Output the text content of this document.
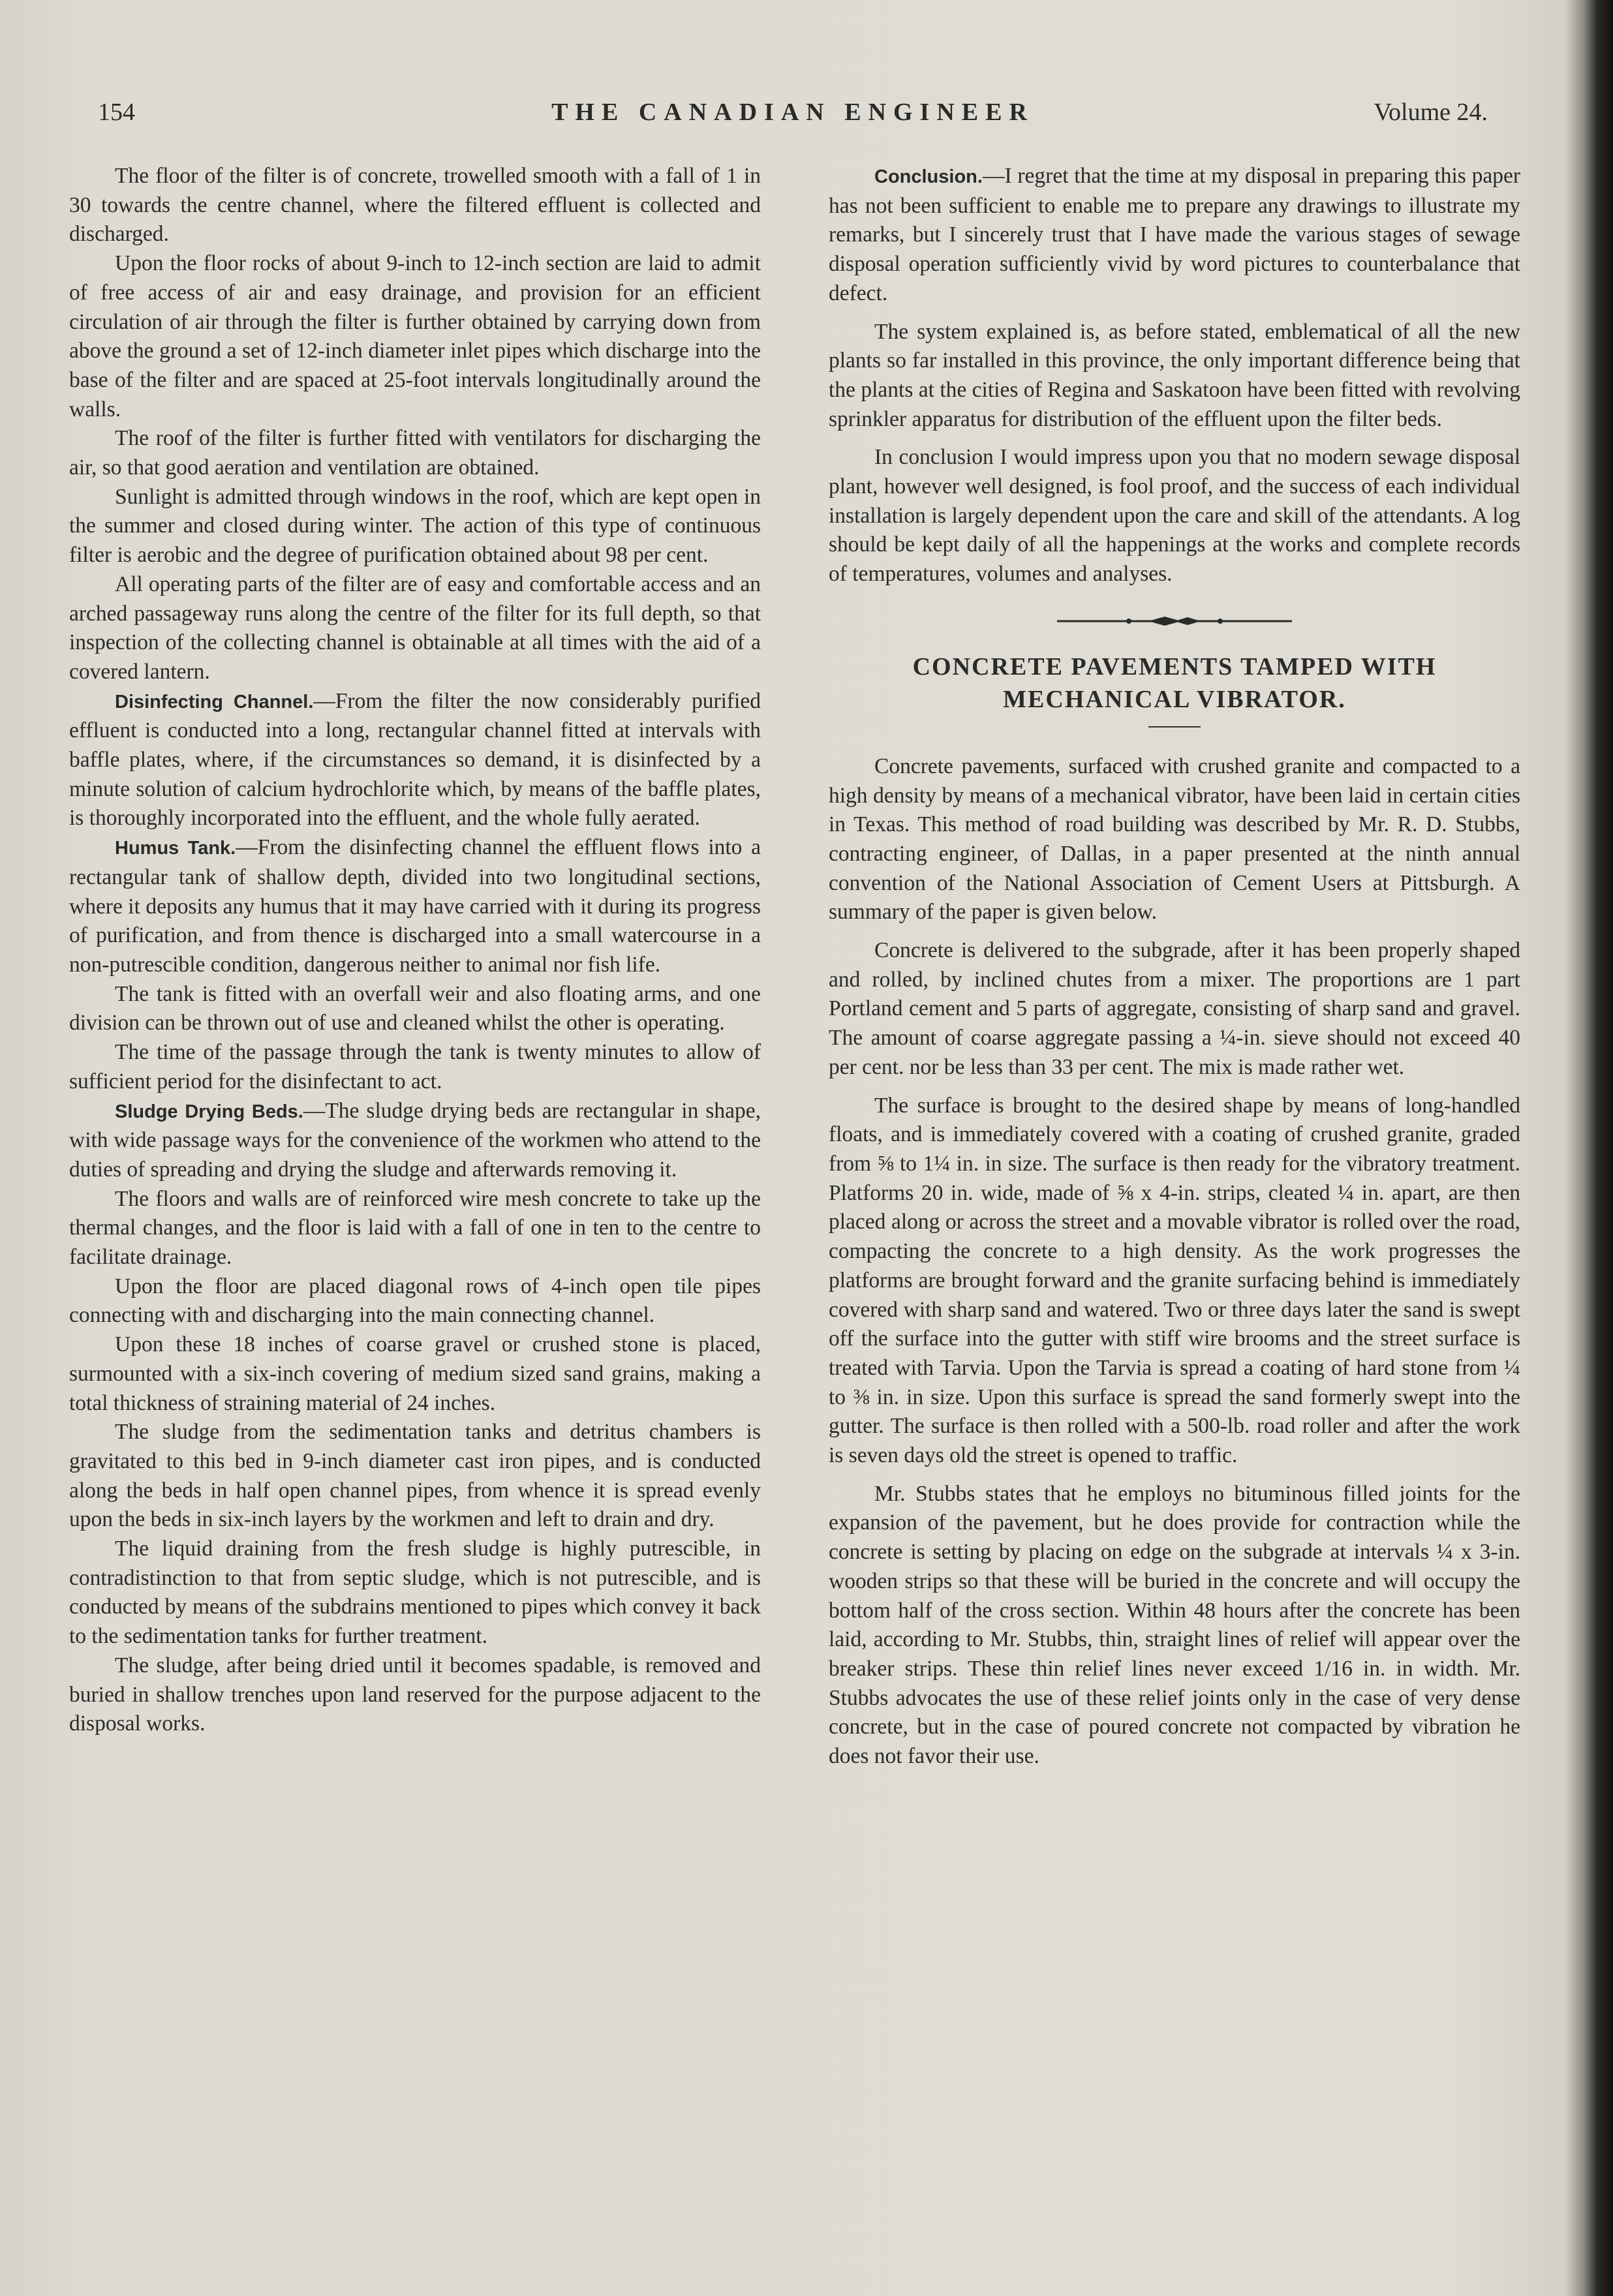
154	THE CANADIAN ENGINEER	Volume 24.

The floor of the filter is of concrete, trowelled smooth with a fall of 1 in 30 towards the centre channel, where the filtered effluent is collected and discharged.

Upon the floor rocks of about 9-inch to 12-inch section are laid to admit of free access of air and easy drainage, and provision for an efficient circulation of air through the filter is further obtained by carrying down from above the ground a set of 12-inch diameter inlet pipes which discharge into the base of the filter and are spaced at 25-foot intervals longitudinally around the walls.

The roof of the filter is further fitted with ventilators for discharging the air, so that good aeration and ventilation are obtained.

Sunlight is admitted through windows in the roof, which are kept open in the summer and closed during winter. The action of this type of continuous filter is aerobic and the degree of purification obtained about 98 per cent.

All operating parts of the filter are of easy and comfortable access and an arched passageway runs along the centre of the filter for its full depth, so that inspection of the collecting channel is obtainable at all times with the aid of a covered lantern.

Disinfecting Channel.—From the filter the now considerably purified effluent is conducted into a long, rectangular channel fitted at intervals with baffle plates, where, if the circumstances so demand, it is disinfected by a minute solution of calcium hydrochlorite which, by means of the baffle plates, is thoroughly incorporated into the effluent, and the whole fully aerated.

Humus Tank.—From the disinfecting channel the effluent flows into a rectangular tank of shallow depth, divided into two longitudinal sections, where it deposits any humus that it may have carried with it during its progress of purification, and from thence is discharged into a small watercourse in a non-putrescible condition, dangerous neither to animal nor fish life.

The tank is fitted with an overfall weir and also floating arms, and one division can be thrown out of use and cleaned whilst the other is operating.

The time of the passage through the tank is twenty minutes to allow of sufficient period for the disinfectant to act.

Sludge Drying Beds.—The sludge drying beds are rectangular in shape, with wide passage ways for the convenience of the workmen who attend to the duties of spreading and drying the sludge and afterwards removing it.

The floors and walls are of reinforced wire mesh concrete to take up the thermal changes, and the floor is laid with a fall of one in ten to the centre to facilitate drainage.

Upon the floor are placed diagonal rows of 4-inch open tile pipes connecting with and discharging into the main connecting channel.

Upon these 18 inches of coarse gravel or crushed stone is placed, surmounted with a six-inch covering of medium sized sand grains, making a total thickness of straining material of 24 inches.

The sludge from the sedimentation tanks and detritus chambers is gravitated to this bed in 9-inch diameter cast iron pipes, and is conducted along the beds in half open channel pipes, from whence it is spread evenly upon the beds in six-inch layers by the workmen and left to drain and dry.

The liquid draining from the fresh sludge is highly putrescible, in contradistinction to that from septic sludge, which is not putrescible, and is conducted by means of the subdrains mentioned to pipes which convey it back to the sedimentation tanks for further treatment.

The sludge, after being dried until it becomes spadable, is removed and buried in shallow trenches upon land reserved for the purpose adjacent to the disposal works.

Conclusion.—I regret that the time at my disposal in preparing this paper has not been sufficient to enable me to prepare any drawings to illustrate my remarks, but I sincerely trust that I have made the various stages of sewage disposal operation sufficiently vivid by word pictures to counterbalance that defect.

The system explained is, as before stated, emblematical of all the new plants so far installed in this province, the only important difference being that the plants at the cities of Regina and Saskatoon have been fitted with revolving sprinkler apparatus for distribution of the effluent upon the filter beds.

In conclusion I would impress upon you that no modern sewage disposal plant, however well designed, is fool proof, and the success of each individual installation is largely dependent upon the care and skill of the attendants. A log should be kept daily of all the happenings at the works and complete records of temperatures, volumes and analyses.

CONCRETE PAVEMENTS TAMPED WITH
MECHANICAL VIBRATOR.

Concrete pavements, surfaced with crushed granite and compacted to a high density by means of a mechanical vibrator, have been laid in certain cities in Texas. This method of road building was described by Mr. R. D. Stubbs, contracting engineer, of Dallas, in a paper presented at the ninth annual convention of the National Association of Cement Users at Pittsburgh. A summary of the paper is given below.

Concrete is delivered to the subgrade, after it has been properly shaped and rolled, by inclined chutes from a mixer. The proportions are 1 part Portland cement and 5 parts of aggregate, consisting of sharp sand and gravel. The amount of coarse aggregate passing a ¼-in. sieve should not exceed 40 per cent. nor be less than 33 per cent. The mix is made rather wet.

The surface is brought to the desired shape by means of long-handled floats, and is immediately covered with a coating of crushed granite, graded from ⅝ to 1¼ in. in size. The surface is then ready for the vibratory treatment. Platforms 20 in. wide, made of ⅝ x 4-in. strips, cleated ¼ in. apart, are then placed along or across the street and a movable vibrator is rolled over the road, compacting the concrete to a high density. As the work progresses the platforms are brought forward and the granite surfacing behind is immediately covered with sharp sand and watered. Two or three days later the sand is swept off the surface into the gutter with stiff wire brooms and the street surface is treated with Tarvia. Upon the Tarvia is spread a coating of hard stone from ¼ to ⅜ in. in size. Upon this surface is spread the sand formerly swept into the gutter. The surface is then rolled with a 500-lb. road roller and after the work is seven days old the street is opened to traffic.

Mr. Stubbs states that he employs no bituminous filled joints for the expansion of the pavement, but he does provide for contraction while the concrete is setting by placing on edge on the subgrade at intervals ¼ x 3-in. wooden strips so that these will be buried in the concrete and will occupy the bottom half of the cross section. Within 48 hours after the concrete has been laid, according to Mr. Stubbs, thin, straight lines of relief will appear over the breaker strips. These thin relief lines never exceed 1/16 in. in width. Mr. Stubbs advocates the use of these relief joints only in the case of very dense concrete, but in the case of poured concrete not compacted by vibration he does not favor their use.
